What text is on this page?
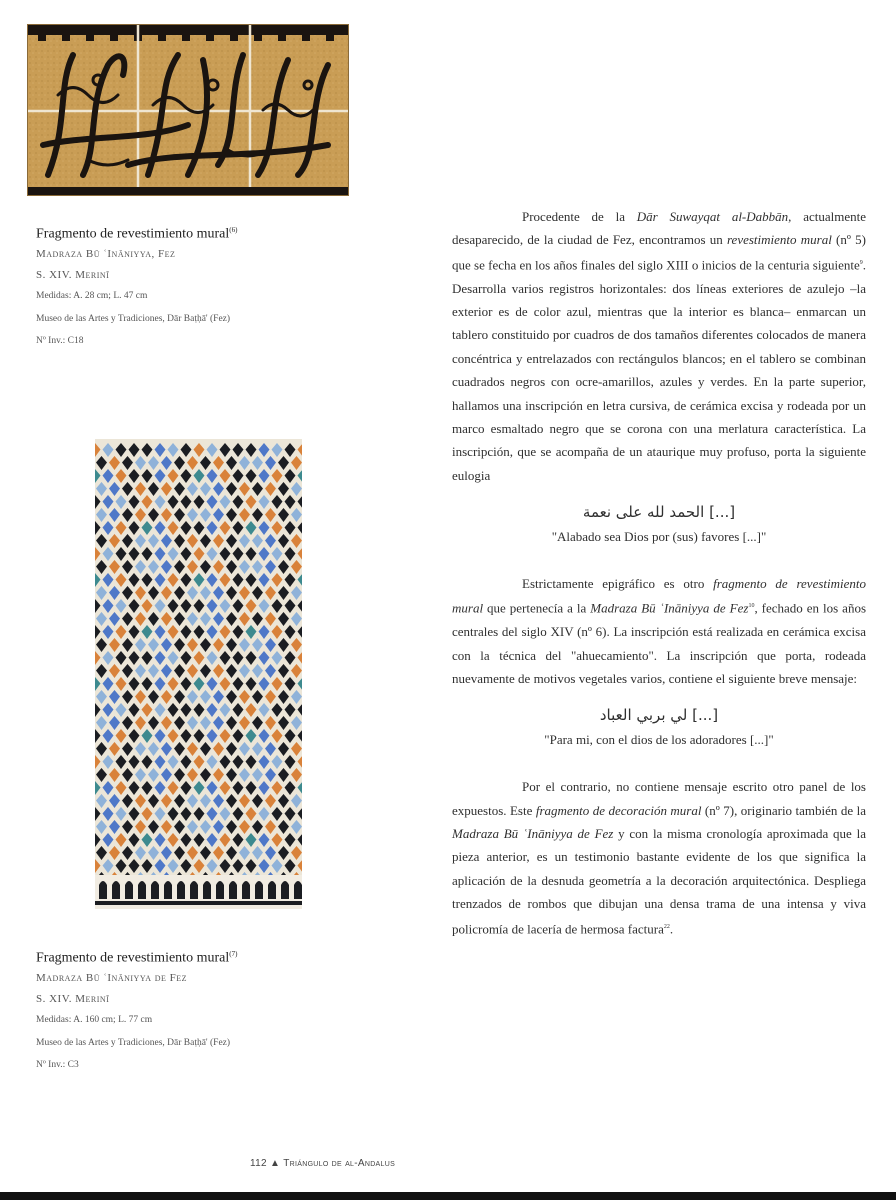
Fragmento de revestimiento mural$^{(6)}$
Madraza Bū ʿInāniyya, Fez
S. XIV. Merinī
Medidas: A. 28 cm; L. 47 cm
Museo de las Artes y Tradiciones, Dār Baṭḥā' (Fez)
Nº Inv.: C18
Fragmento de revestimiento mural$^{(7)}$
Madraza Bū ʿInāniyya de Fez
S. XIV. Merinī
Medidas: A. 160 cm; L. 77 cm
Museo de las Artes y Tradiciones, Dār Baṭḥā' (Fez)
Nº Inv.: C3

Procedente de la Dār Suwayqat al-Dabbān, actualmente desaparecido, de la ciudad de Fez, encontramos un revestimiento mural (nº 5) que se fecha en los años finales del siglo XIII o inicios de la centuria siguiente$^9$. Desarrolla varios registros horizontales: dos líneas exteriores de azulejo –la exterior es de color azul, mientras que la interior es blanca– enmarcan un tablero constituido por cuadros de dos tamaños diferentes colocados de manera concéntrica y entrelazados con rectángulos blancos; en el tablero se combinan cuadrados negros con ocre-amarillos, azules y verdes. En la parte superior, hallamos una inscripción en letra cursiva, de cerámica excisa y rodeada por un marco esmaltado negro que se corona con una merlatura característica. La inscripción, que se acompaña de un ataurique muy profuso, porta la siguiente eulogia

الحمد لله على نعمة [...]

"Alabado sea Dios por (sus) favores [...]"

Estrictamente epigráfico es otro fragmento de revestimiento mural que pertenecía a la Madraza Bū ʿInāniyya de Fez$^{10}$, fechado en los años centrales del siglo XIV (nº 6). La inscripción está realizada en cerámica excisa con la técnica del "ahuecamiento". La inscripción que porta, rodeada nuevamente de motivos vegetales varios, contiene el siguiente breve mensaje:

لي بربي العباد [...]

"Para mi, con el dios de los adoradores [...]"

Por el contrario, no contiene mensaje escrito otro panel de los expuestos. Este fragmento de decoración mural (nº 7), originario también de la Madraza Bū ʿInāniyya de Fez y con la misma cronología aproximada que la pieza anterior, es un testimonio bastante evidente de los que significa la aplicación de la desnuda geometría a la decoración arquitectónica. Despliega trenzados de rombos que dibujan una densa trama de una intensa y viva policromía de lacería de hermosa factura$^{22}$.

112 ▲ Triángulo de al-Andalus
